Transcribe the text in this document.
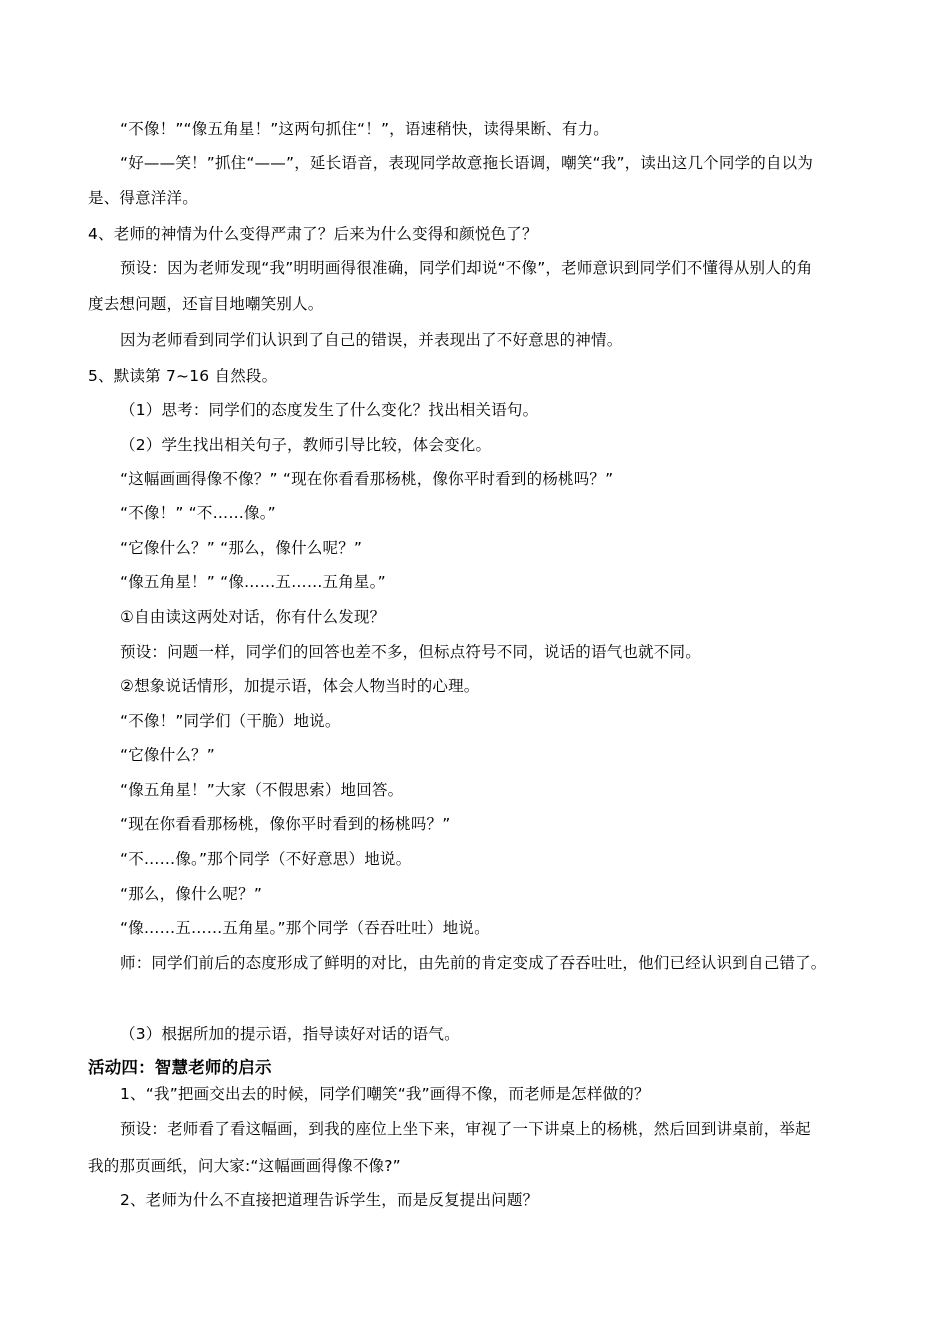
“不像！”“像五角星！”这两句抓住“！”，语速稍快，读得果断、有力。
“好——笑！”抓住“——”，延长语音，表现同学故意拖长语调，嘲笑“我”，读出这几个同学的自以为
是、得意洋洋。
4、老师的神情为什么变得严肃了？后来为什么变得和颜悦色了？
预设：因为老师发现“我”明明画得很准确，同学们却说“不像”，老师意识到同学们不懂得从别人的角
度去想问题，还盲目地嘲笑别人。
因为老师看到同学们认识到了自己的错误，并表现出了不好意思的神情。
5、默读第 7~16 自然段。
（1）思考：同学们的态度发生了什么变化？找出相关语句。
（2）学生找出相关句子，教师引导比较，体会变化。
“这幅画画得像不像？” “现在你看看那杨桃，像你平时看到的杨桃吗？”
“不像！” “不……像。”
“它像什么？” “那么，像什么呢？”
“像五角星！” “像……五……五角星。”
①自由读这两处对话，你有什么发现？
预设：问题一样，同学们的回答也差不多，但标点符号不同，说话的语气也就不同。
②想象说话情形，加提示语，体会人物当时的心理。
“不像！”同学们（干脆）地说。
“它像什么？”
“像五角星！”大家（不假思索）地回答。
“现在你看看那杨桃，像你平时看到的杨桃吗？”
“不……像。”那个同学（不好意思）地说。
“那么，像什么呢？”
“像……五……五角星。”那个同学（吞吞吐吐）地说。
师：同学们前后的态度形成了鲜明的对比，由先前的肯定变成了吞吞吐吐，他们已经认识到自己错了。
（3）根据所加的提示语，指导读好对话的语气。
活动四：智慧老师的启示
1、“我”把画交出去的时候，同学们嘲笑“我”画得不像，而老师是怎样做的？
预设：老师看了看这幅画，到我的座位上坐下来，审视了一下讲桌上的杨桃，然后回到讲桌前，举起
我的那页画纸，问大家:“这幅画画得像不像?”
2、老师为什么不直接把道理告诉学生，而是反复提出问题？
